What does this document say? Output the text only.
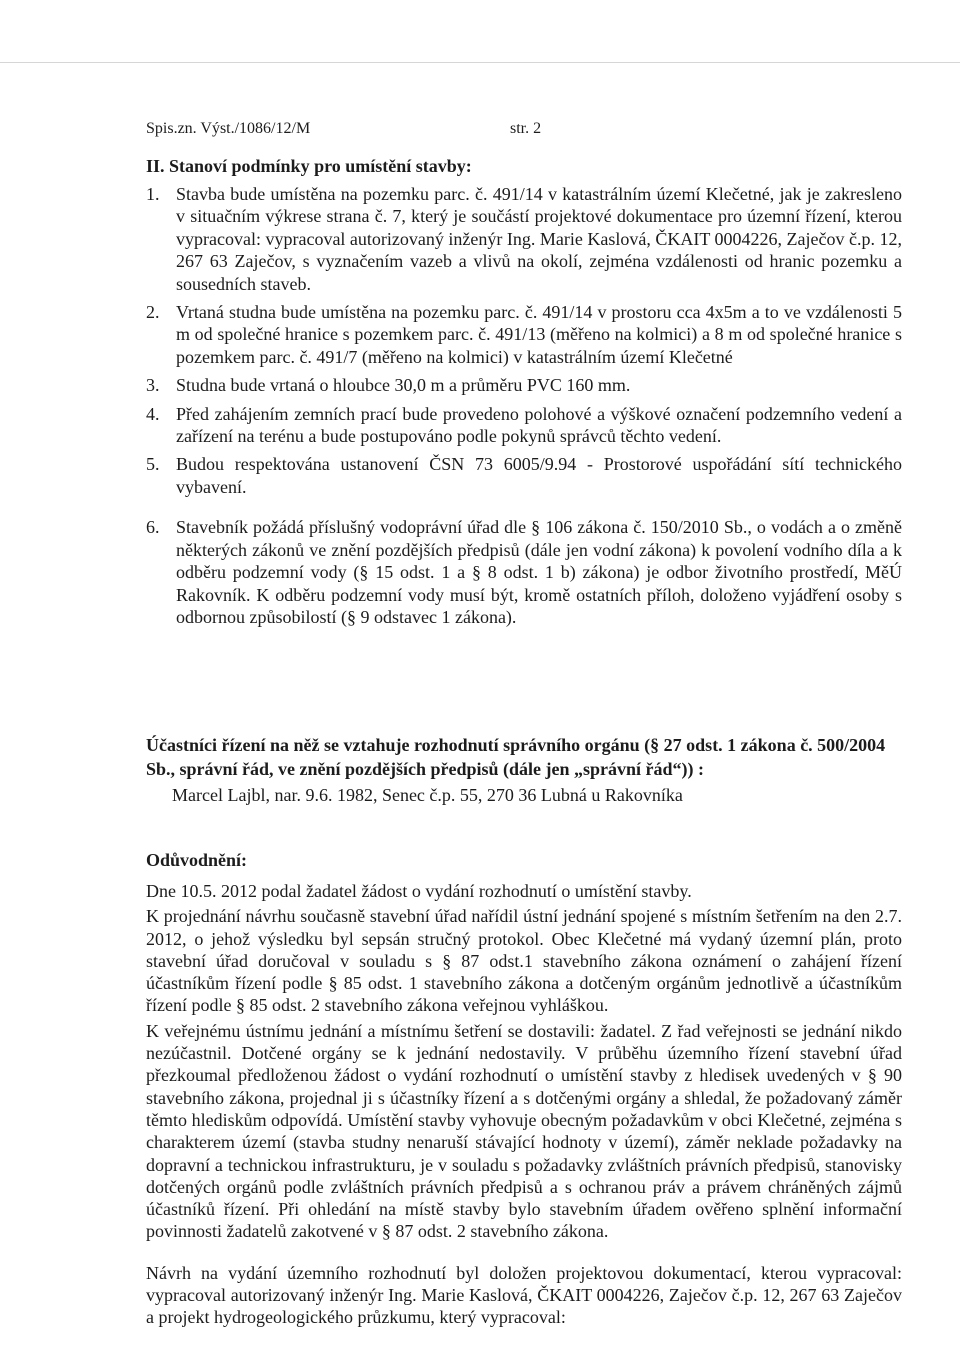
Spis.zn. Výst./1086/12/M	str. 2
II. Stanoví podmínky pro umístění stavby:
1. Stavba bude umístěna na pozemku parc. č. 491/14 v katastrálním území Klečetné, jak je zakresleno v situačním výkrese strana č. 7, který je součástí projektové dokumentace pro územní řízení, kterou vypracoval: vypracoval autorizovaný inženýr Ing. Marie Kaslová, ČKAIT 0004226, Zaječov č.p. 12, 267 63 Zaječov, s vyznačením vazeb a vlivů na okolí, zejména vzdálenosti od hranic pozemku a sousedních staveb.
2. Vrtaná studna bude umístěna na pozemku parc. č. 491/14 v prostoru cca 4x5m a to ve vzdálenosti 5 m od společné hranice s pozemkem parc. č. 491/13 (měřeno na kolmici) a 8 m od společné hranice s pozemkem parc. č. 491/7 (měřeno na kolmici) v katastrálním území Klečetné
3. Studna bude vrtaná o hloubce 30,0 m a průměru PVC 160 mm.
4. Před zahájením zemních prací bude provedeno polohové a výškové označení podzemního vedení a zařízení na terénu a bude postupováno podle pokynů správců těchto vedení.
5. Budou respektována ustanovení ČSN 73 6005/9.94 - Prostorové uspořádání sítí technického vybavení.
6. Stavebník požádá příslušný vodoprávní úřad dle § 106 zákona č. 150/2010 Sb., o vodách a o změně některých zákonů ve znění pozdějších předpisů (dále jen vodní zákona) k povolení vodního díla a k odběru podzemní vody (§ 15 odst. 1 a § 8 odst. 1 b) zákona) je odbor životního prostředí, MěÚ Rakovník. K odběru podzemní vody musí být, kromě ostatních příloh, doloženo vyjádření osoby s odbornou způsobilostí (§ 9 odstavec 1 zákona).

Účastníci řízení na něž se vztahuje rozhodnutí správního orgánu (§ 27 odst. 1 zákona č. 500/2004 Sb., správní řád, ve znění pozdějších předpisů (dále jen „správní řád“)) :

Marcel Lajbl, nar. 9.6. 1982, Senec č.p. 55, 270 36 Lubná u Rakovníka
Odůvodnění:

Dne 10.5. 2012 podal žadatel žádost o vydání rozhodnutí o umístění stavby.

K projednání návrhu současně stavební úřad nařídil ústní jednání spojené s místním šetřením na den 2.7. 2012, o jehož výsledku byl sepsán stručný protokol. Obec Klečetné má vydaný územní plán, proto stavební úřad doručoval v souladu s § 87 odst.1 stavebního zákona oznámení o zahájení řízení účastníkům řízení podle § 85 odst. 1 stavebního zákona a dotčeným orgánům jednotlivě a účastníkům řízení podle § 85 odst. 2 stavebního zákona veřejnou vyhláškou.

K veřejnému ústnímu jednání a místnímu šetření se dostavili: žadatel. Z řad veřejnosti se jednání nikdo nezúčastnil. Dotčené orgány se k jednání nedostavily. V průběhu územního řízení stavební úřad přezkoumal předloženou žádost o vydání rozhodnutí o umístění stavby z hledisek uvedených v § 90 stavebního zákona, projednal ji s účastníky řízení a s dotčenými orgány a shledal, že požadovaný záměr těmto hlediskům odpovídá. Umístění stavby vyhovuje obecným požadavkům v obci Klečetné, zejména s charakterem území (stavba studny nenaruší stávající hodnoty v území), záměr neklade požadavky na dopravní a technickou infrastrukturu, je v souladu s požadavky zvláštních právních předpisů, stanovisky dotčených orgánů podle zvláštních právních předpisů a s ochranou práv a právem chráněných zájmů účastníků řízení. Při ohledání na místě stavby bylo stavebním úřadem ověřeno splnění informační povinnosti žadatelů zakotvené v § 87 odst. 2 stavebního zákona.

Návrh na vydání územního rozhodnutí byl doložen projektovou dokumentací, kterou vypracoval: vypracoval autorizovaný inženýr Ing. Marie Kaslová, ČKAIT 0004226, Zaječov č.p. 12, 267 63 Zaječov a projekt hydrogeologického průzkumu, který vypracoval:
